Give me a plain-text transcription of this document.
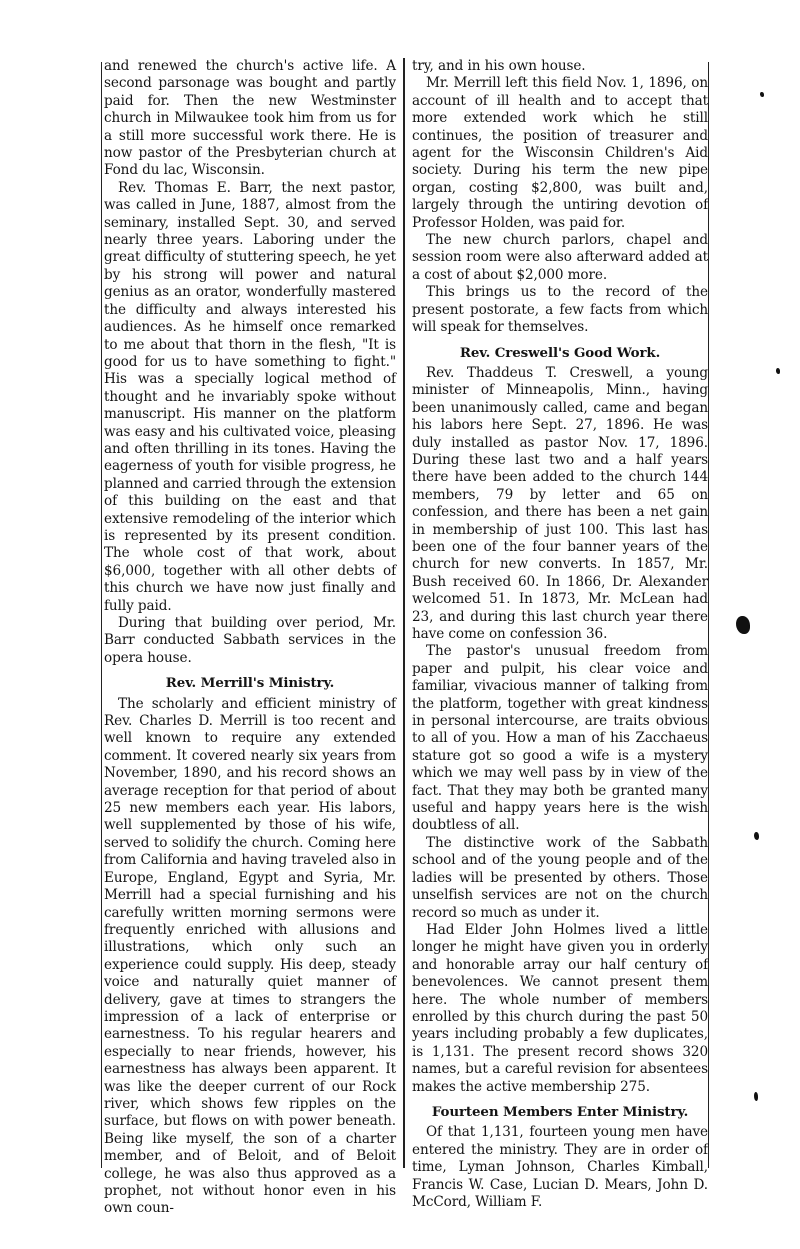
and renewed the church's active life. A second parsonage was bought and partly paid for. Then the new Westminster church in Milwaukee took him from us for a still more successful work there. He is now pastor of the Presbyterian church at Fond du lac, Wisconsin.

Rev. Thomas E. Barr, the next pastor, was called in June, 1887, almost from the seminary, installed Sept. 30, and served nearly three years. Laboring under the great difficulty of stuttering speech, he yet by his strong will power and natural genius as an orator, wonderfully mastered the difficulty and always interested his audiences. As he himself once remarked to me about that thorn in the flesh, "It is good for us to have something to fight." His was a specially logical method of thought and he invariably spoke without manuscript. His manner on the platform was easy and his cultivated voice, pleasing and often thrilling in its tones. Having the eagerness of youth for visible progress, he planned and carried through the extension of this building on the east and that extensive remodeling of the interior which is represented by its present condition. The whole cost of that work, about $6,000, together with all other debts of this church we have now just finally and fully paid.

During that building over period, Mr. Barr conducted Sabbath services in the opera house.

Rev. Merrill's Ministry.

The scholarly and efficient ministry of Rev. Charles D. Merrill is too recent and well known to require any extended comment. It covered nearly six years from November, 1890, and his record shows an average reception for that period of about 25 new members each year. His labors, well supplemented by those of his wife, served to solidify the church. Coming here from California and having traveled also in Europe, England, Egypt and Syria, Mr. Merrill had a special furnishing and his carefully written morning sermons were frequently enriched with allusions and illustrations, which only such an experience could supply. His deep, steady voice and naturally quiet manner of delivery, gave at times to strangers the impression of a lack of enterprise or earnestness. To his regular hearers and especially to near friends, however, his earnestness has always been apparent. It was like the deeper current of our Rock river, which shows few ripples on the surface, but flows on with power beneath. Being like myself, the son of a charter member, and of Beloit, and of Beloit college, he was also thus approved as a prophet, not without honor even in his own coun-

try, and in his own house.

Mr. Merrill left this field Nov. 1, 1896, on account of ill health and to accept that more extended work which he still continues, the position of treasurer and agent for the Wisconsin Children's Aid society. During his term the new pipe organ, costing $2,800, was built and, largely through the untiring devotion of Professor Holden, was paid for.

The new church parlors, chapel and session room were also afterward added at a cost of about $2,000 more.

This brings us to the record of the present postorate, a few facts from which will speak for themselves.

Rev. Creswell's Good Work.

Rev. Thaddeus T. Creswell, a young minister of Minneapolis, Minn., having been unanimously called, came and began his labors here Sept. 27, 1896. He was duly installed as pastor Nov. 17, 1896. During these last two and a half years there have been added to the church 144 members, 79 by letter and 65 on confession, and there has been a net gain in membership of just 100. This last has been one of the four banner years of the church for new converts. In 1857, Mr. Bush received 60. In 1866, Dr. Alexander welcomed 51. In 1873, Mr. McLean had 23, and during this last church year there have come on confession 36.

The pastor's unusual freedom from paper and pulpit, his clear voice and familiar, vivacious manner of talking from the platform, together with great kindness in personal intercourse, are traits obvious to all of you. How a man of his Zacchaeus stature got so good a wife is a mystery which we may well pass by in view of the fact. That they may both be granted many useful and happy years here is the wish doubtless of all.

The distinctive work of the Sabbath school and of the young people and of the ladies will be presented by others. Those unselfish services are not on the church record so much as under it.

Had Elder John Holmes lived a little longer he might have given you in orderly and honorable array our half century of benevolences. We cannot present them here. The whole number of members enrolled by this church during the past 50 years including probably a few duplicates, is 1,131. The present record shows 320 names, but a careful revision for absentees makes the active membership 275.

Fourteen Members Enter Ministry.

Of that 1,131, fourteen young men have entered the ministry. They are in order of time, Lyman Johnson, Charles Kimball, Francis W. Case, Lucian D. Mears, John D. McCord, William F.
